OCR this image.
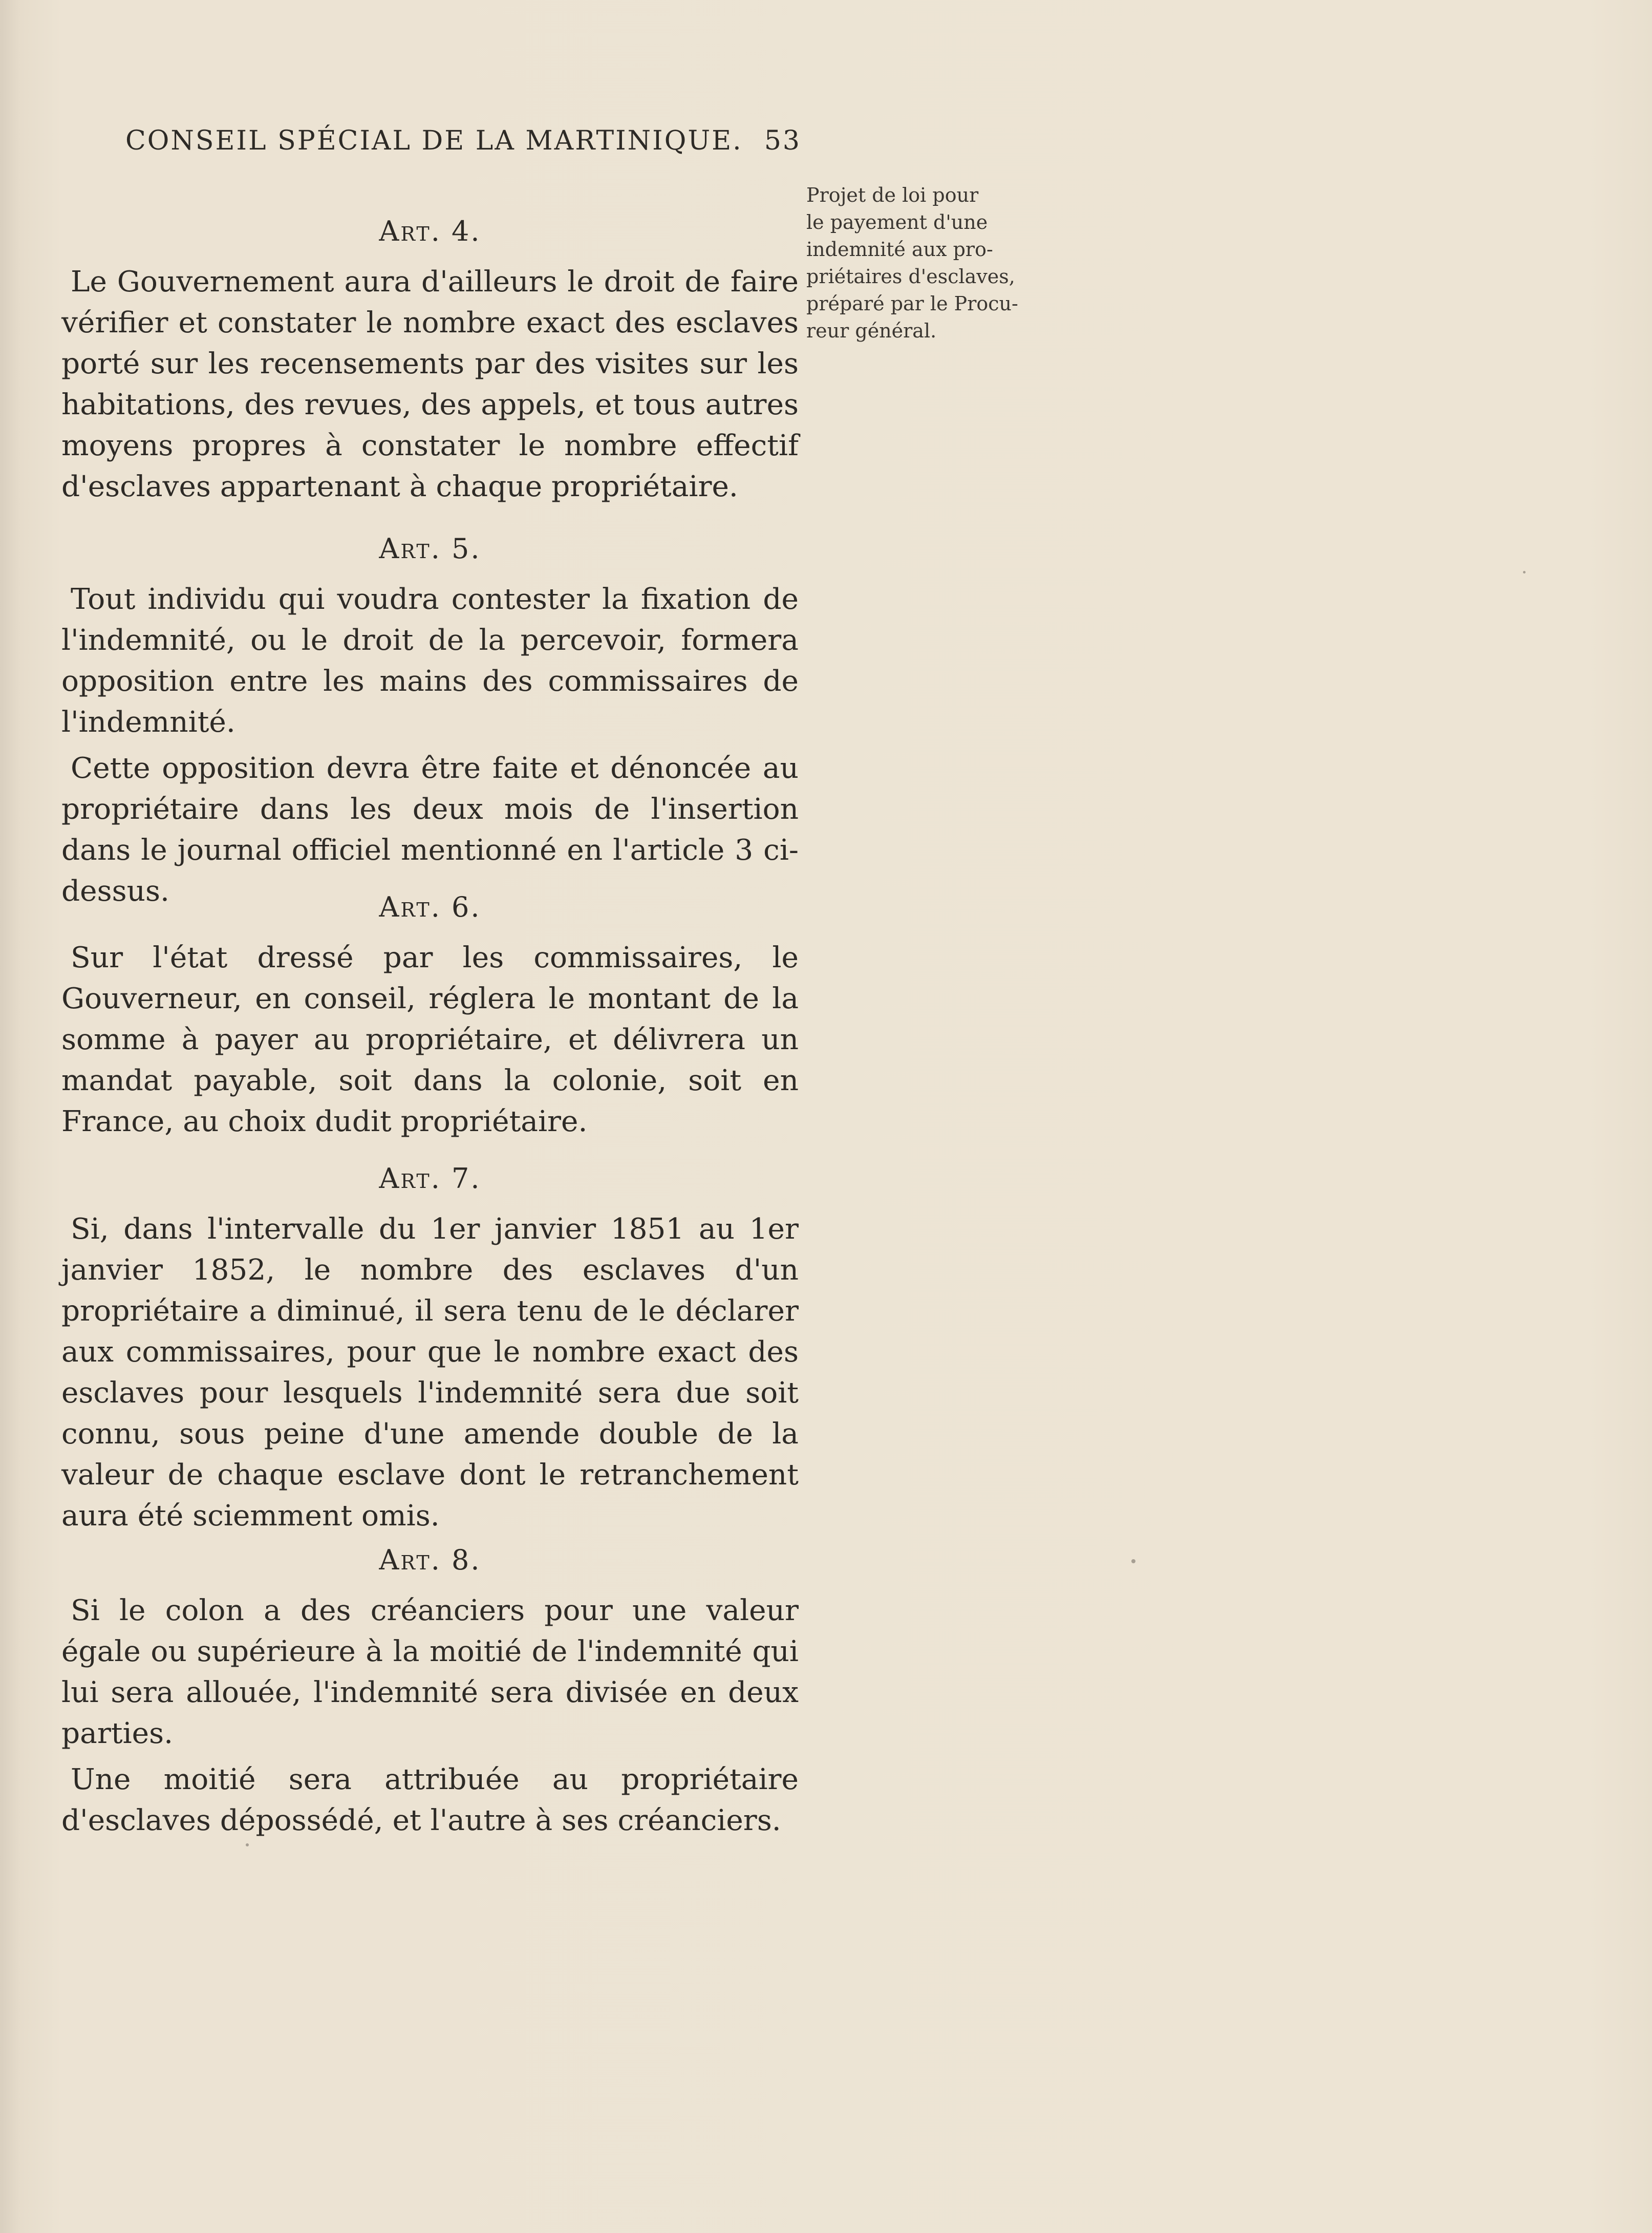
CONSEIL SPÉCIAL DE LA MARTINIQUE. 53
Projet de loi pour
le payement d'une
indemnité aux pro-
priétaires d'esclaves,
préparé par le Procu-
reur général.
Art. 4.

Le Gouvernement aura d'ailleurs le droit de faire vérifier et constater le nombre exact des esclaves porté sur les recensements par des visites sur les habitations, des revues, des appels, et tous autres moyens propres à constater le nombre effectif d'esclaves appartenant à chaque propriétaire.

Art. 5.

Tout individu qui voudra contester la fixation de l'indemnité, ou le droit de la percevoir, formera opposition entre les mains des commissaires de l'indemnité.

Cette opposition devra être faite et dénoncée au propriétaire dans les deux mois de l'insertion dans le journal officiel mentionné en l'article 3 ci-dessus.	Art. 6.

Sur l'état dressé par les commissaires, le Gouverneur, en conseil, réglera le montant de la somme à payer au propriétaire, et délivrera un mandat payable, soit dans la colonie, soit en France, au choix dudit propriétaire.

Art. 7.

Si, dans l'intervalle du 1er janvier 1851 au 1er janvier 1852, le nombre des esclaves d'un propriétaire a diminué, il sera tenu de le déclarer aux commissaires, pour que le nombre exact des esclaves pour lesquels l'indemnité sera due soit connu, sous peine d'une amende double de la valeur de chaque esclave dont le retranchement aura été sciemment omis.

Art. 8.

Si le colon a des créanciers pour une valeur égale ou supérieure à la moitié de l'indemnité qui lui sera allouée, l'indemnité sera divisée en deux parties.

Une moitié sera attribuée au propriétaire d'esclaves dépossédé, et l'autre à ses créanciers.
